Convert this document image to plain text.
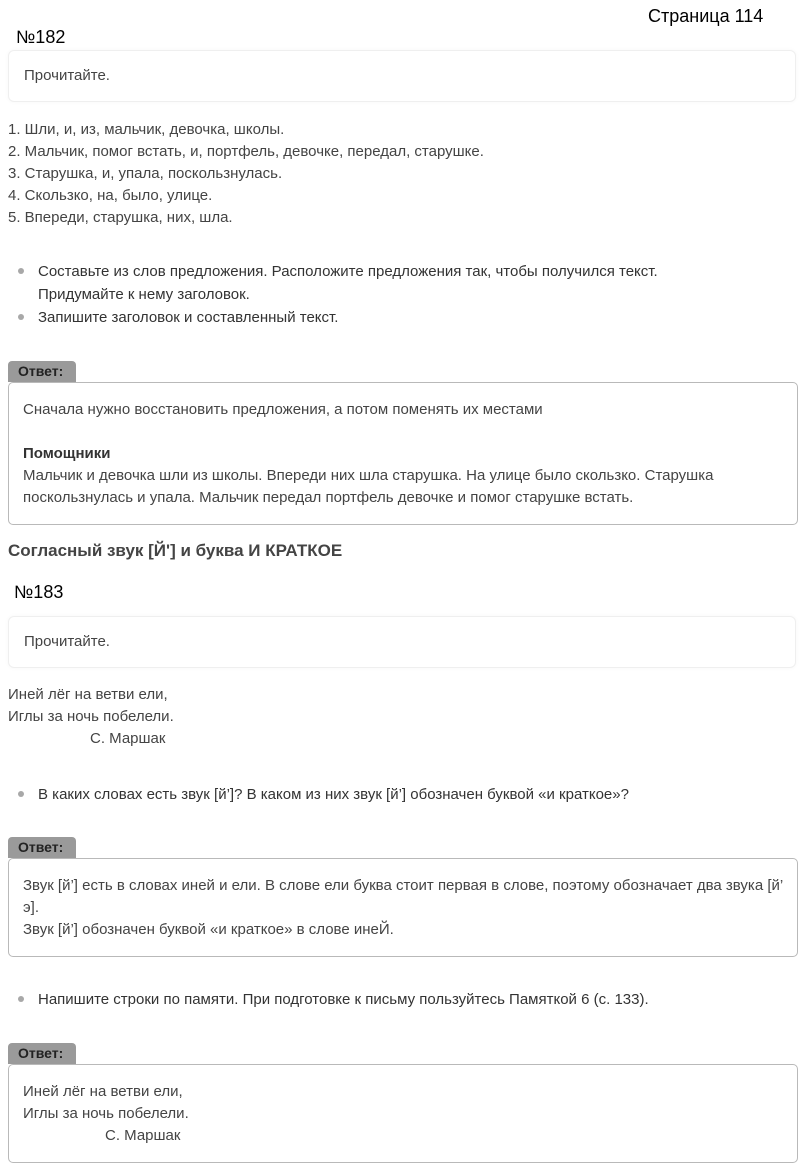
Страница 114
№182
Прочитайте.
1. Шли, и, из, мальчик, девочка, школы.
2. Мальчик, помог встать, и, портфель, девочке, передал, старушке.
3. Старушка, и, упала, поскользнулась.
4. Скользко, на, было, улице.
5. Впереди, старушка, них, шла.
Составьте из слов предложения. Расположите предложения так, чтобы получился текст. Придумайте к нему заголовок.
Запишите заголовок и составленный текст.
Ответ:
Сначала нужно восстановить предложения, а потом поменять их местами
Помощники
Мальчик и девочка шли из школы. Впереди них шла старушка. На улице было скользко. Старушка поскользнулась и упала. Мальчик передал портфель девочке и помог старушке встать.
Согласный звук [Й'] и буква И КРАТКОЕ
№183
Прочитайте.
Иней лёг на ветви ели,
Иглы за ночь побелели.
С. Маршак
В каких словах есть звук [й’]? В каком из них звук [й’] обозначен буквой «и краткое»?
Ответ:
Звук [й’] есть в словах иней и ели. В слове ели буква стоит первая в слове, поэтому обозначает два звука [й’ э].
Звук [й’] обозначен буквой «и краткое» в слове инеЙ.
Напишите строки по памяти. При подготовке к письму пользуйтесь Памяткой 6 (с. 133).
Ответ:
Иней лёг на ветви ели,
Иглы за ночь побелели.
С. Маршак
